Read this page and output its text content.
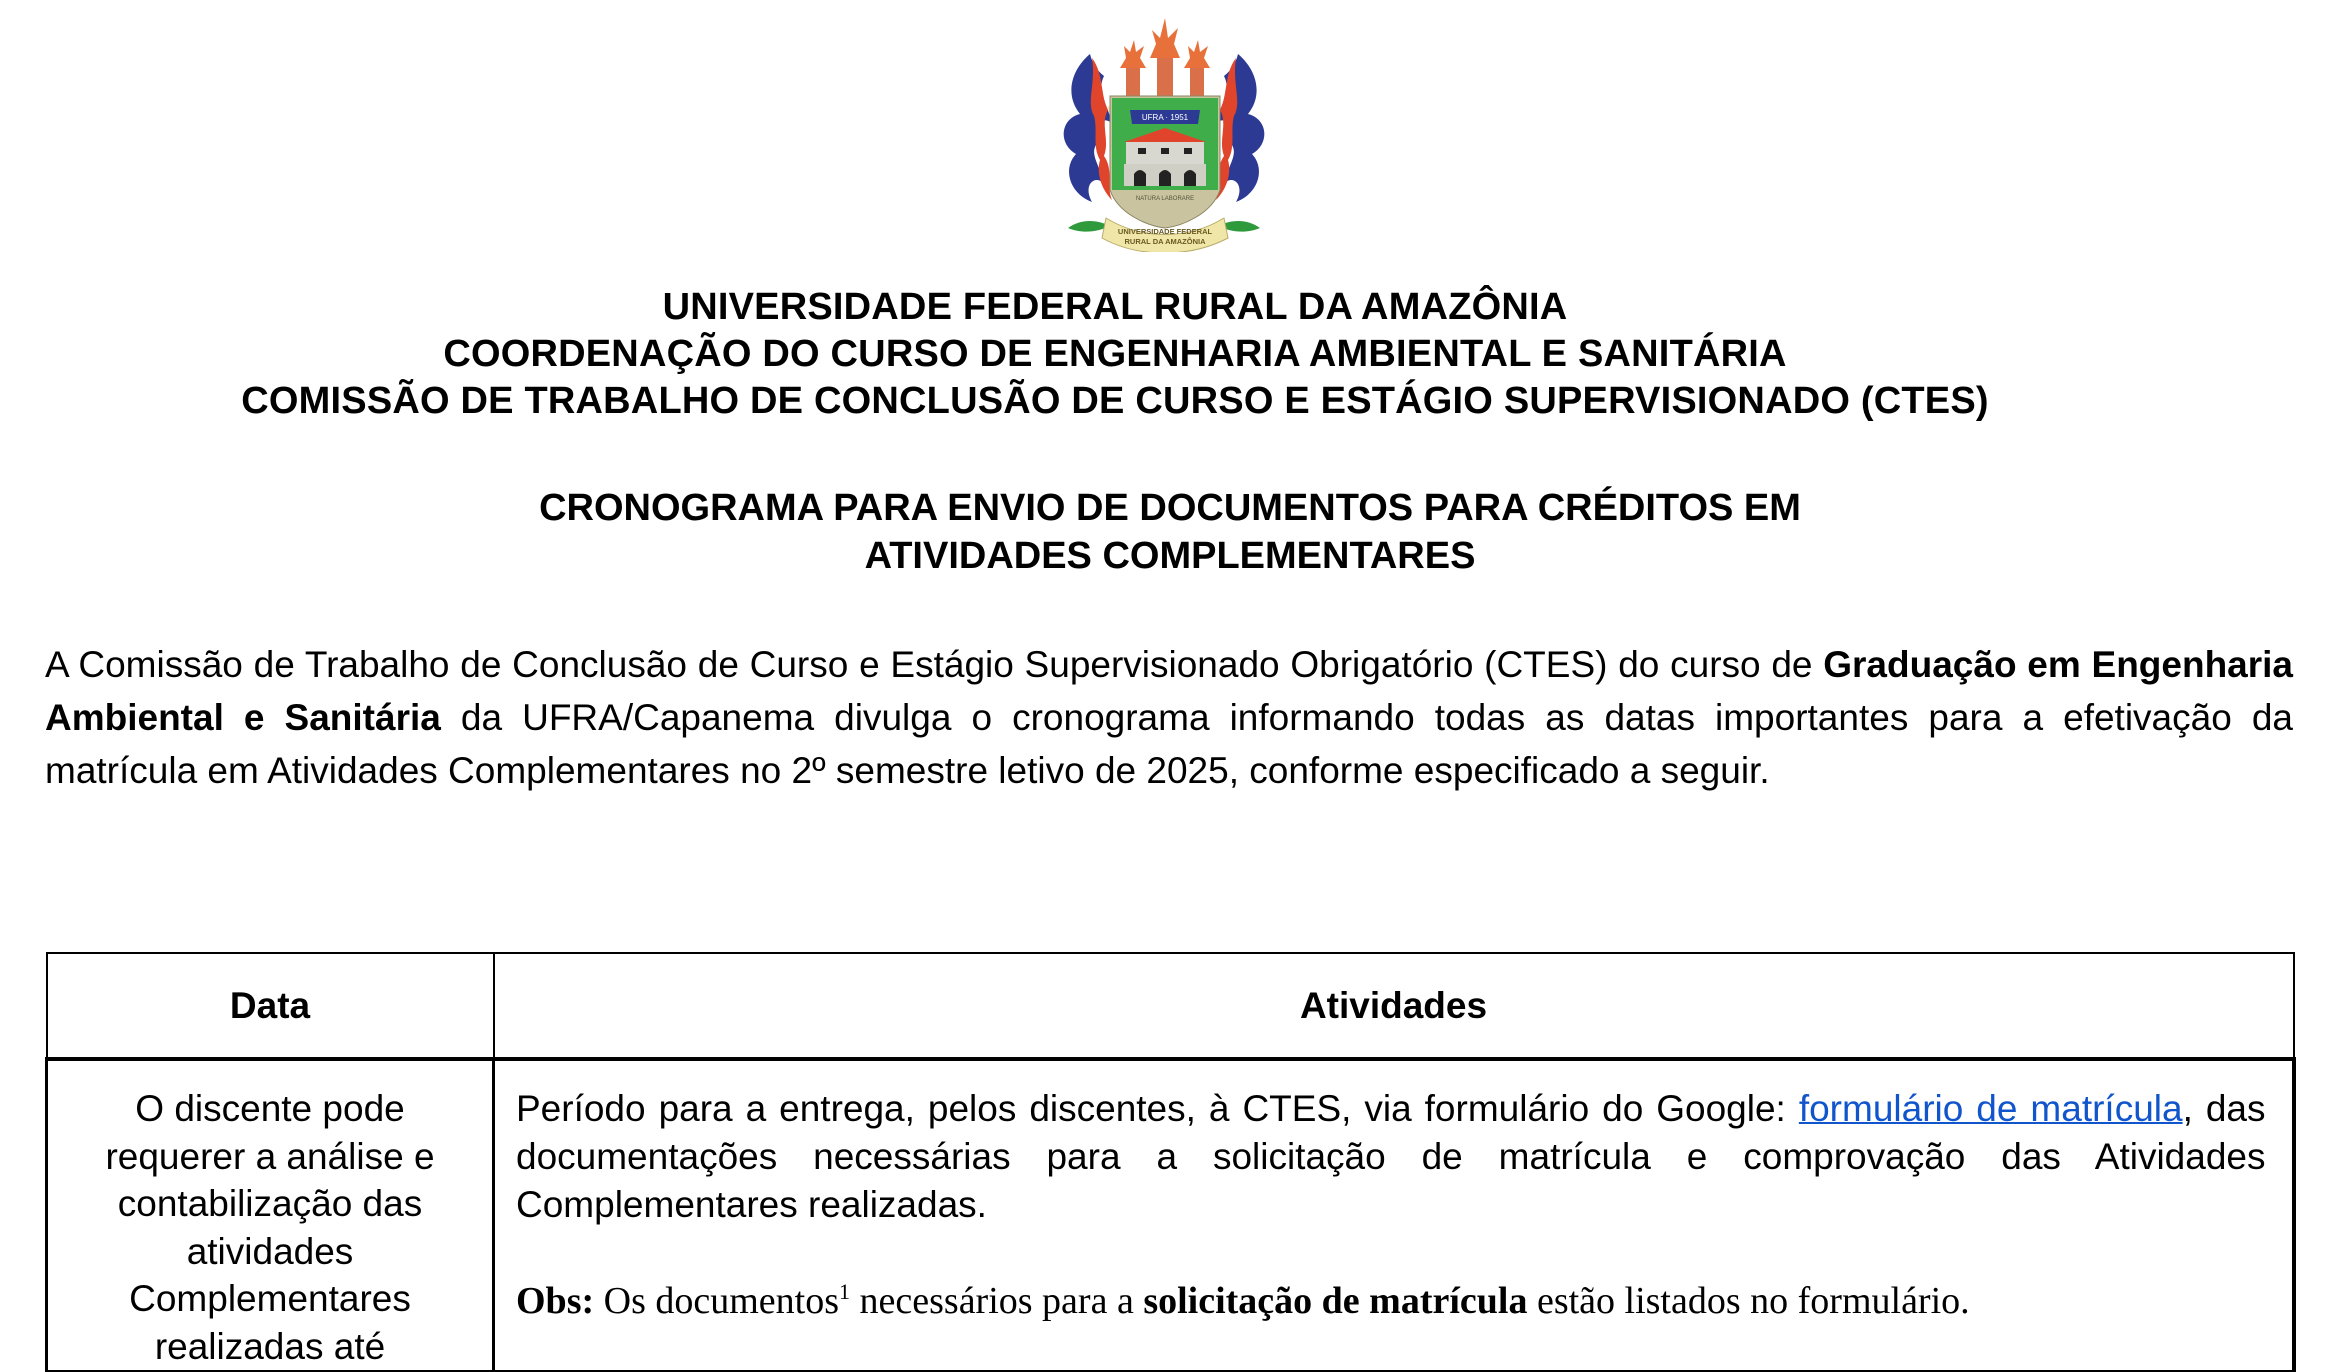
UFRA · 1951
NATURA LABORARE
UNIVERSIDADE FEDERAL
RURAL DA AMAZÔNIA
UNIVERSIDADE FEDERAL RURAL DA AMAZÔNIA
COORDENAÇÃO DO CURSO DE ENGENHARIA AMBIENTAL E SANITÁRIA
COMISSÃO DE TRABALHO DE CONCLUSÃO DE CURSO E ESTÁGIO SUPERVISIONADO (CTES)
CRONOGRAMA PARA ENVIO DE DOCUMENTOS PARA CRÉDITOS EM
ATIVIDADES COMPLEMENTARES

A Comissão de Trabalho de Conclusão de Curso e Estágio Supervisionado Obrigatório (CTES) do curso de Graduação em Engenharia Ambiental e Sanitária da UFRA/Capanema divulga o cronograma informando todas as datas importantes para a efetivação da matrícula em Atividades Complementares no 2º semestre letivo de 2025, conforme especificado a seguir.

Data	Atividades

O discente pode requerer a análise e contabilização das atividades Complementares realizadas até	Período para a entrega, pelos discentes, à CTES, via formulário do Google: formulário de matrícula, das documentações necessárias para a solicitação de matrícula e comprovação das Atividades Complementares realizadas.
Obs: Os documentos$^1$ necessários para a solicitação de matrícula estão listados no formulário.
